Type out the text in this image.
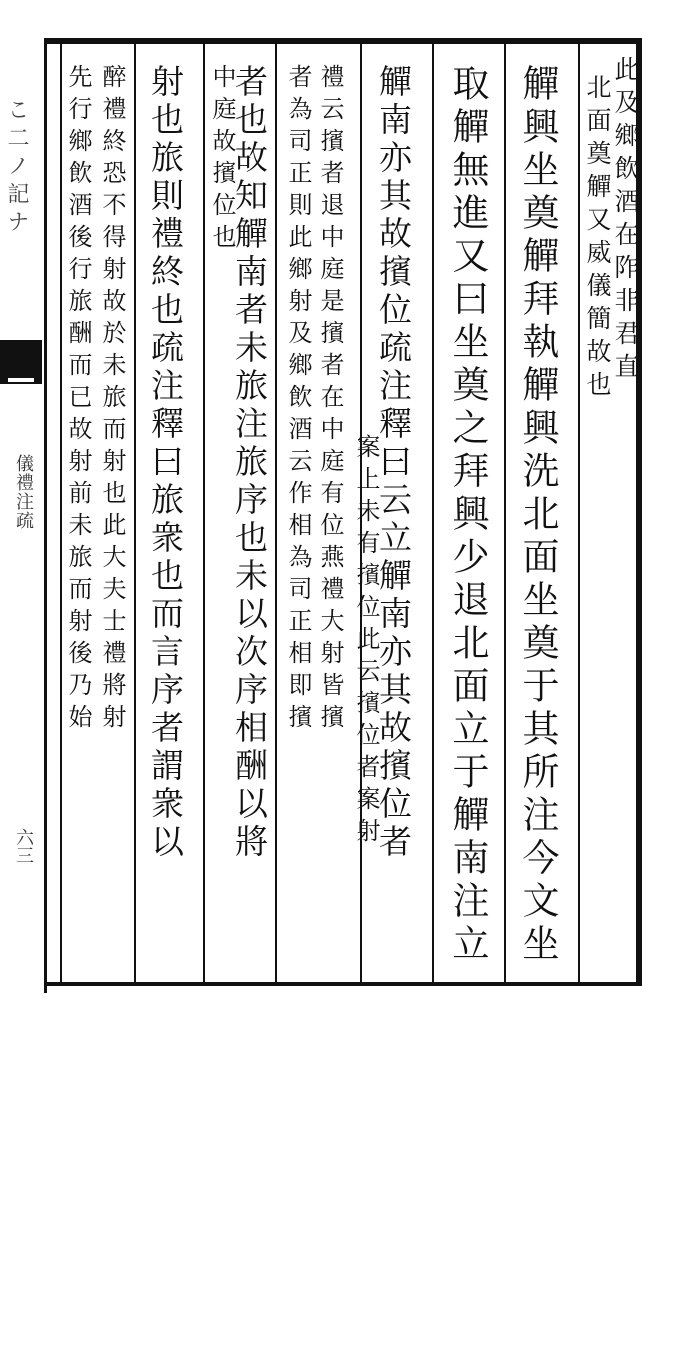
こ二ノ記ナ
儀禮注疏
六三
此及鄉飲酒在阼非君直
北面奠觶又威儀簡故也
觶興坐奠觶拜執觶興洗北面坐奠于其所注今文坐
取觶無進又曰坐奠之拜興少退北面立于觶南注立
觶南亦其故擯位疏注釋曰云立觶南亦其故擯位者
案上未有擯位此云擯位者案射
禮云擯者退中庭是擯者在中庭有位燕禮大射皆擯
者為司正則此鄉射及鄉飲酒云作相為司正相即擯
者也故知觶南者未旅注旅序也未以次序相酬以將
中庭故擯位也
射也旅則禮終也疏注釋曰旅衆也而言序者謂衆以
醉禮終恐不得射故於未旅而射也此大夫士禮將射
先行鄉飲酒後行旅酬而已故射前未旅而射後乃始
